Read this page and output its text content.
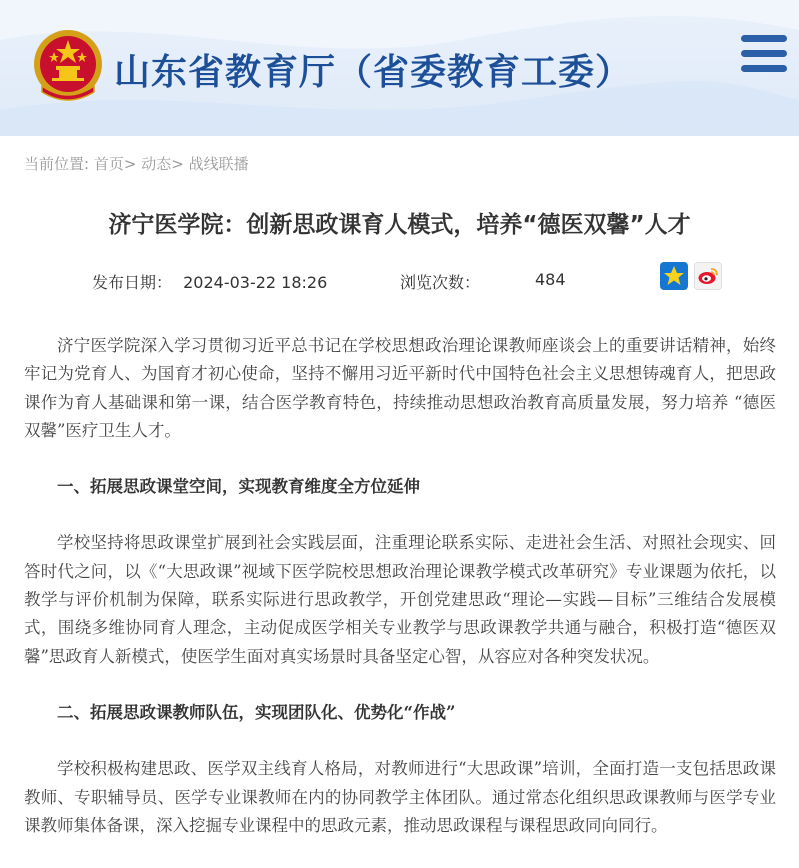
山东省教育厅（省委教育工委）
当前位置: 首页> 动态> 战线联播
济宁医学院：创新思政课育人模式，培养“德医双馨”人才
发布日期： 2024-03-22 18:26	浏览次数：	484

济宁医学院深入学习贯彻习近平总书记在学校思想政治理论课教师座谈会上的重要讲话精神，始终牢记为党育人、为国育才初心使命，坚持不懈用习近平新时代中国特色社会主义思想铸魂育人，把思政课作为育人基础课和第一课，结合医学教育特色，持续推动思想政治教育高质量发展，努力培养 “德医双馨”医疗卫生人才。

一、拓展思政课堂空间，实现教育维度全方位延伸

学校坚持将思政课堂扩展到社会实践层面，注重理论联系实际、走进社会生活、对照社会现实、回答时代之问，以《“大思政课”视域下医学院校思想政治理论课教学模式改革研究》专业课题为依托，以教学与评价机制为保障，联系实际进行思政教学，开创党建思政“理论—实践—目标”三维结合发展模式，围绕多维协同育人理念，主动促成医学相关专业教学与思政课教学共通与融合，积极打造“德医双馨”思政育人新模式，使医学生面对真实场景时具备坚定心智，从容应对各种突发状况。

二、拓展思政课教师队伍，实现团队化、优势化“作战”

学校积极构建思政、医学双主线育人格局，对教师进行“大思政课”培训，全面打造一支包括思政课教师、专职辅导员、医学专业课教师在内的协同教学主体团队。通过常态化组织思政课教师与医学专业课教师集体备课，深入挖掘专业课程中的思政元素，推动思政课程与课程思政同向同行。
